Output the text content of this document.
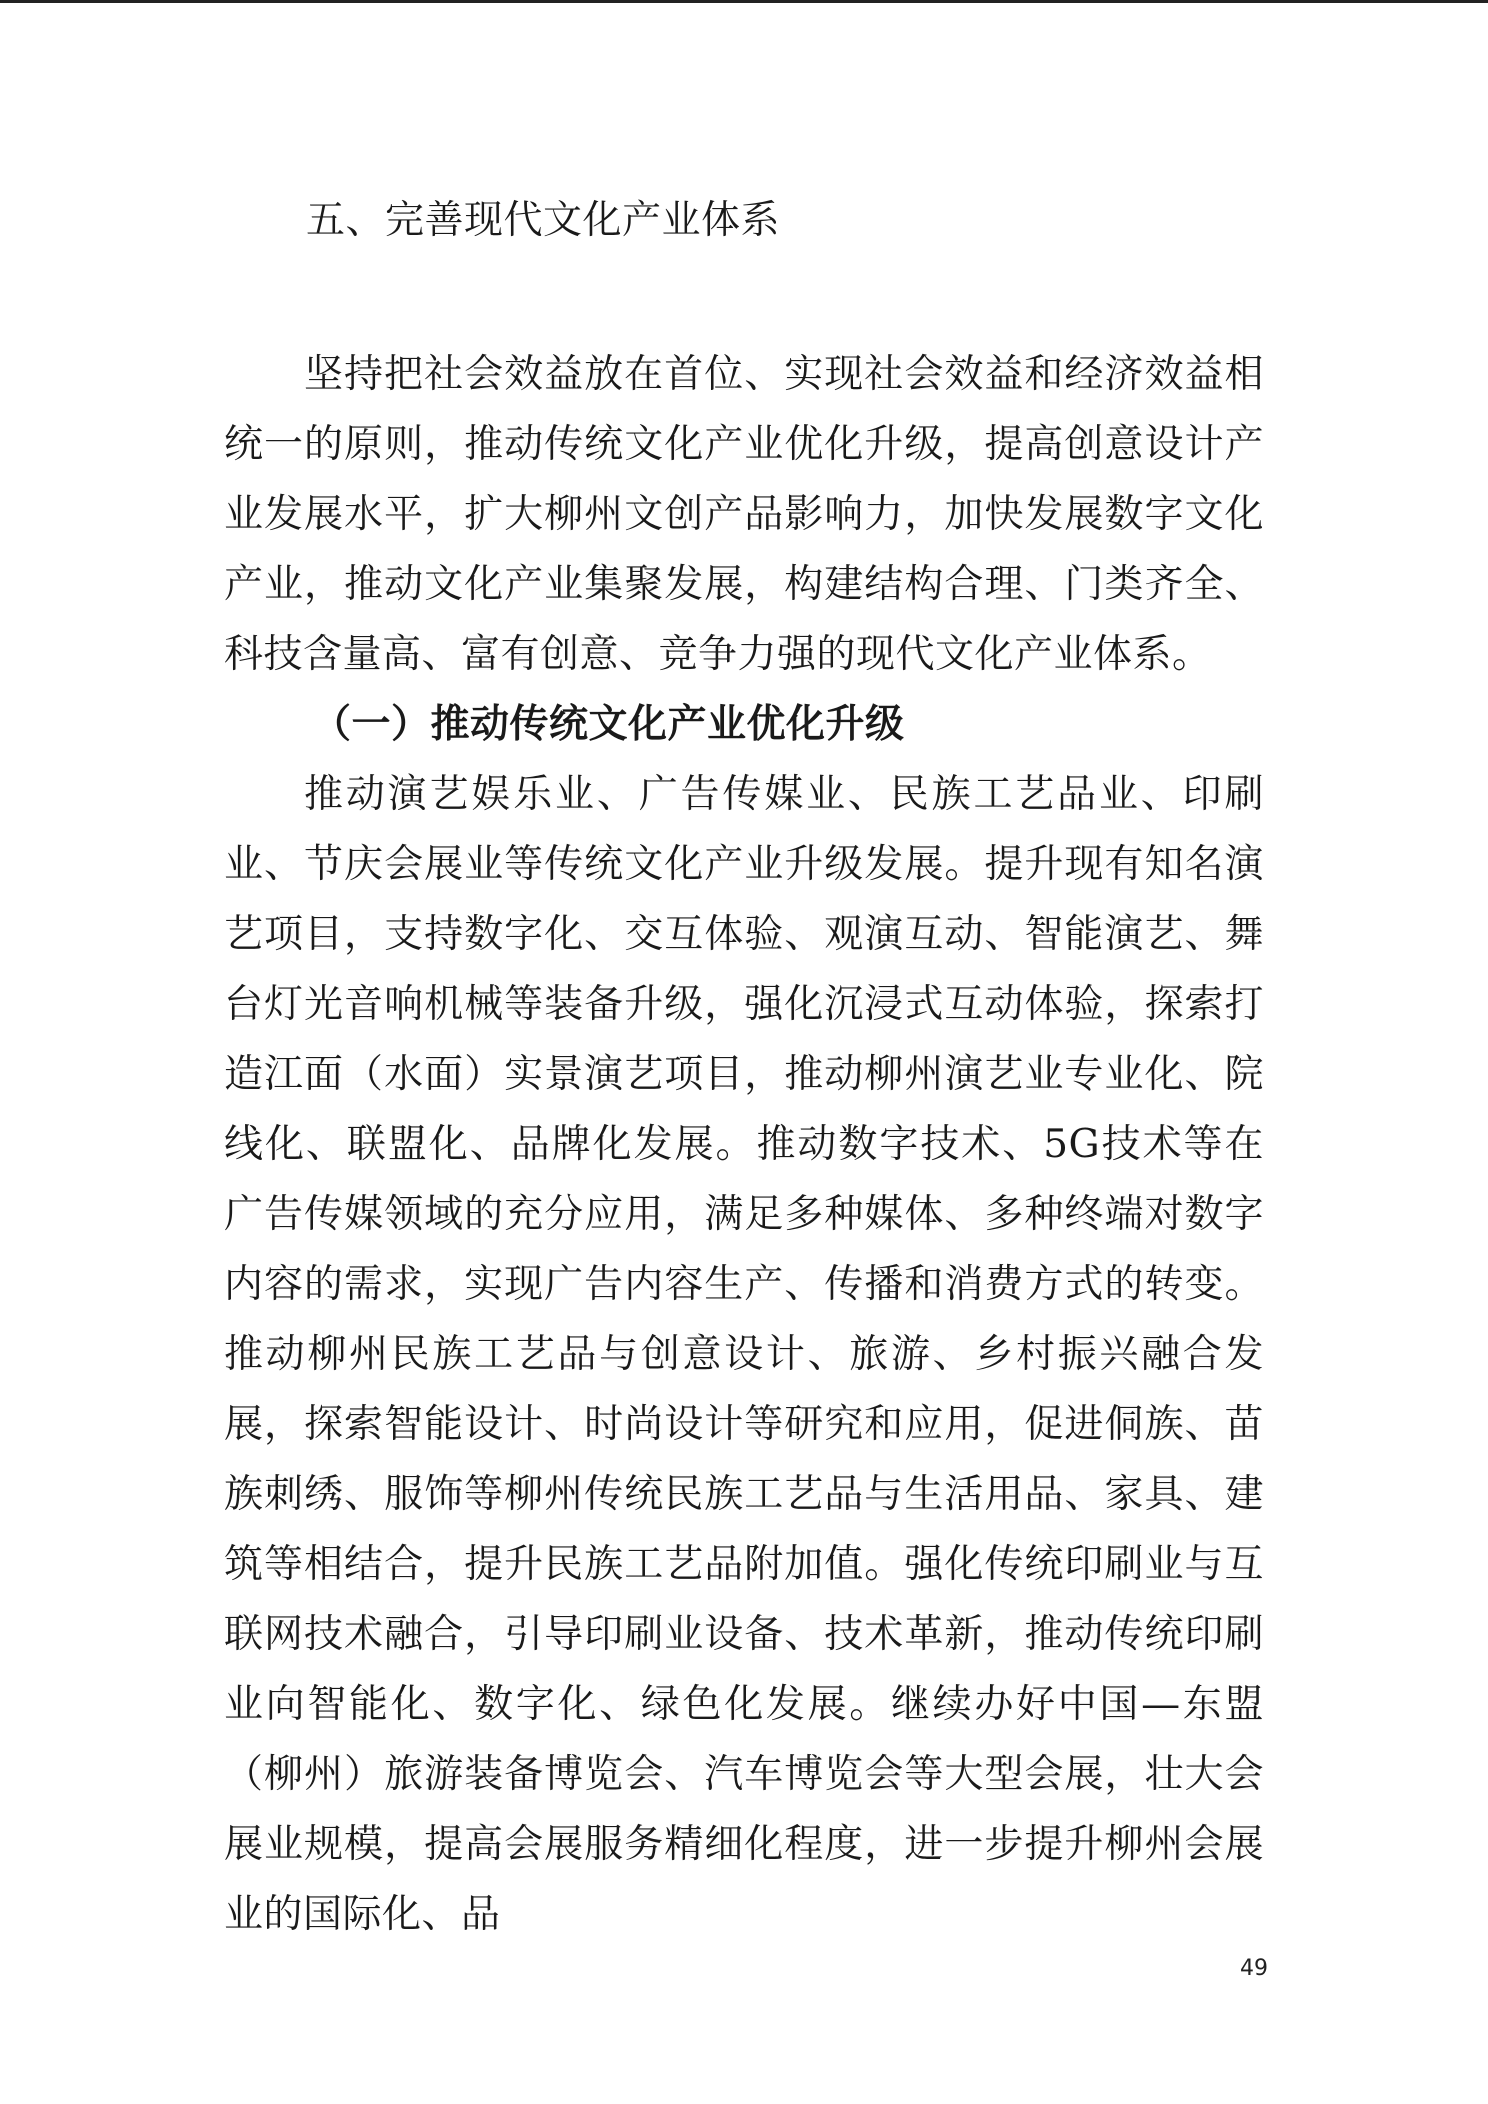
五、完善现代文化产业体系

坚持把社会效益放在首位、实现社会效益和经济效益相统一的原则，推动传统文化产业优化升级，提高创意设计产业发展水平，扩大柳州文创产品影响力，加快发展数字文化产业，推动文化产业集聚发展，构建结构合理、门类齐全、科技含量高、富有创意、竞争力强的现代文化产业体系。

（一）推动传统文化产业优化升级

推动演艺娱乐业、广告传媒业、民族工艺品业、印刷业、节庆会展业等传统文化产业升级发展。提升现有知名演艺项目，支持数字化、交互体验、观演互动、智能演艺、舞台灯光音响机械等装备升级，强化沉浸式互动体验，探索打造江面（水面）实景演艺项目，推动柳州演艺业专业化、院线化、联盟化、品牌化发展。推动数字技术、5G技术等在广告传媒领域的充分应用，满足多种媒体、多种终端对数字内容的需求，实现广告内容生产、传播和消费方式的转变。推动柳州民族工艺品与创意设计、旅游、乡村振兴融合发展，探索智能设计、时尚设计等研究和应用，促进侗族、苗族刺绣、服饰等柳州传统民族工艺品与生活用品、家具、建筑等相结合，提升民族工艺品附加值。强化传统印刷业与互联网技术融合，引导印刷业设备、技术革新，推动传统印刷业向智能化、数字化、绿色化发展。继续办好中国—东盟（柳州）旅游装备博览会、汽车博览会等大型会展，壮大会展业规模，提高会展服务精细化程度，进一步提升柳州会展业的国际化、品

49
